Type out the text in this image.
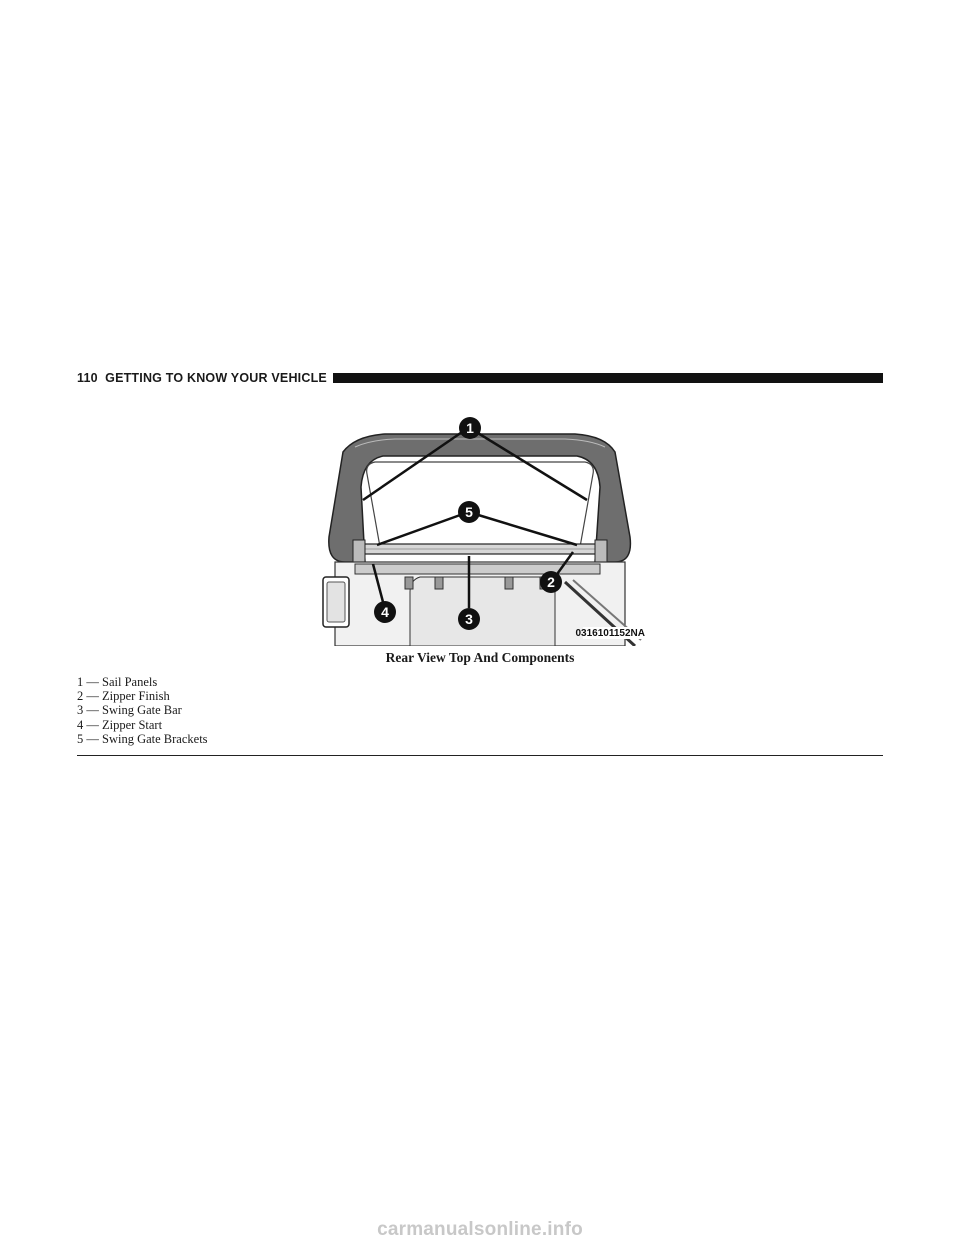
110 GETTING TO KNOW YOUR VEHICLE
1
5
2
3
4
0316101152NA
Rear View Top And Components
1 — Sail Panels
2 — Zipper Finish
3 — Swing Gate Bar
4 — Zipper Start
5 — Swing Gate Brackets
carmanualsonline.info
